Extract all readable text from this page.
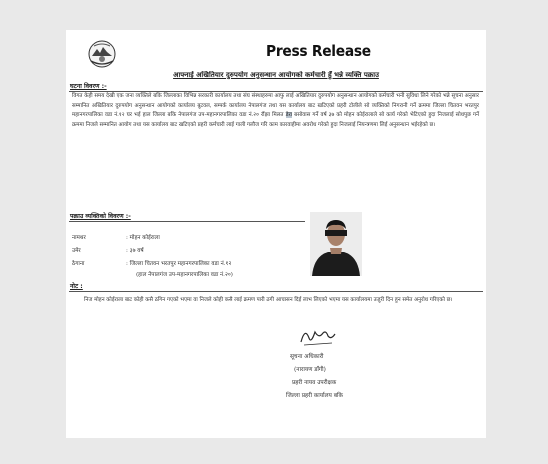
Press Release
आफ्नाई अखितियार दुरुपयोग अनुसन्धान आयोगको कर्मचारी हुँ भन्ने व्यक्ति पक्राउ
घटना विवरण :-
विगत केही समय देखी एक जना व्यक्तिले बकि जिल्लाका विभिन्न सरकारी कार्यालय तथा संघ संस्थाहरुमा आफु लाई अखितियार दुरुपयोग अनुसन्धान आयोगको कर्मचारी भनी सुविधा लिने गरेको भन्ने सूचना अनुसार सम्मानित अखितियार दुरुपयोग अनुसन्धान आयोगको कार्यालय बुटवल, सम्पर्क कार्यालय नेपालगंज तथा यस कार्यालय बाट खटिएको प्रहरी टोलीले सो व्यक्तिको निगरानी गर्ने क्रममा जिल्ला चितवन भरतपुर महानगरपालिका वडा नं.१२ घर भई हाल जिल्ला बकि नेपालगंज उप-महानगरपालिका वडा नं.२० रौंझा मिलत डेरा बसोवास गर्ने वर्ष ३७ को मोहन कोईरालाले सो कार्य गरेको भेटिएको हुदा निजलाई सोधपुछ गर्ने क्रममा निजले सम्मानित आयोग तथा यस कार्यालय बाट खटिएको प्रहरी कर्मचारी लाई गाली गलौज गरि काम कारवाहीमा अवरोध गरेको हुदा निजलाई नियन्त्रणमा लिई अनुसन्धान भईरहेको छ।
पक्राउ व्यक्तिको विवरण :-
नामथर	: मोहन कोईराला
उमेर	: ३७ वर्ष
ठेगाना	: जिल्ला चितवन भरतपुर महानगरपालिका वडा नं.१२
(हाल नेपालगंज उप-महानगरपालिका वडा नं.२०)
नोट :
निज मोहन कोईराला बाट कोही कसै ठगिन गएको भएमा वा निजले कोही कसै लाई क्रमण पारी ठगी आचासन दिई लाभ लिएको भएमा यस कार्यालयमा उजुरी दिन हुन समेत अनुरोध गरिएको छ।
सूचना अधिकारी
(नारायण डाँगी)
प्रहरी नायव उपरीक्षक
जिल्ला प्रहरी कार्यालय बकि
